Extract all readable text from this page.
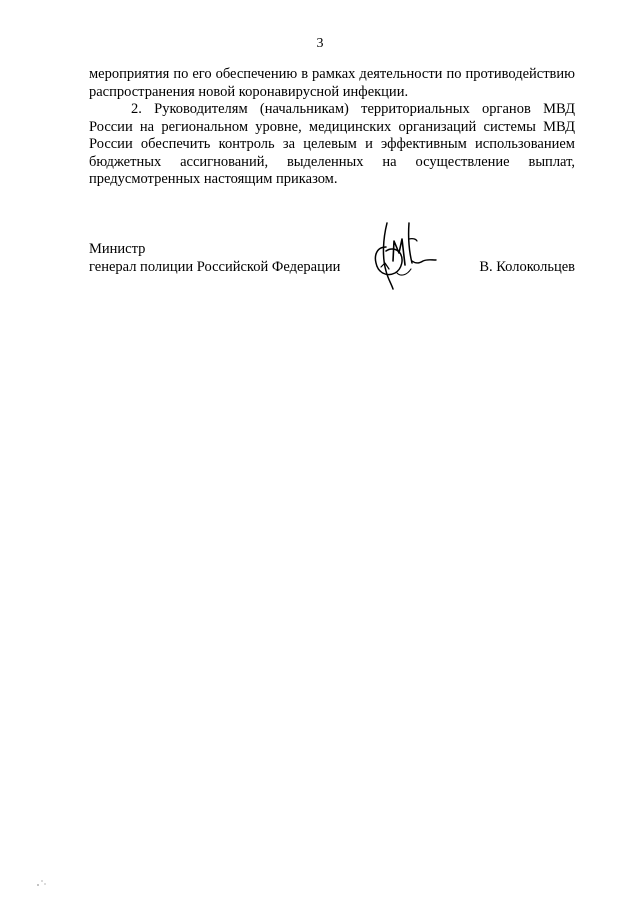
3

мероприятия по его обеспечению в рамках деятельности по противодействию распространения новой коронавирусной инфекции.

2. Руководителям (начальникам) территориальных органов МВД России на региональном уровне, медицинских организаций системы МВД России обеспечить контроль за целевым и эффективным использованием бюджетных ассигнований, выделенных на осуществление выплат, предусмотренных настоящим приказом.

Министр
генерал полиции Российской Федерации	В. Колокольцев
